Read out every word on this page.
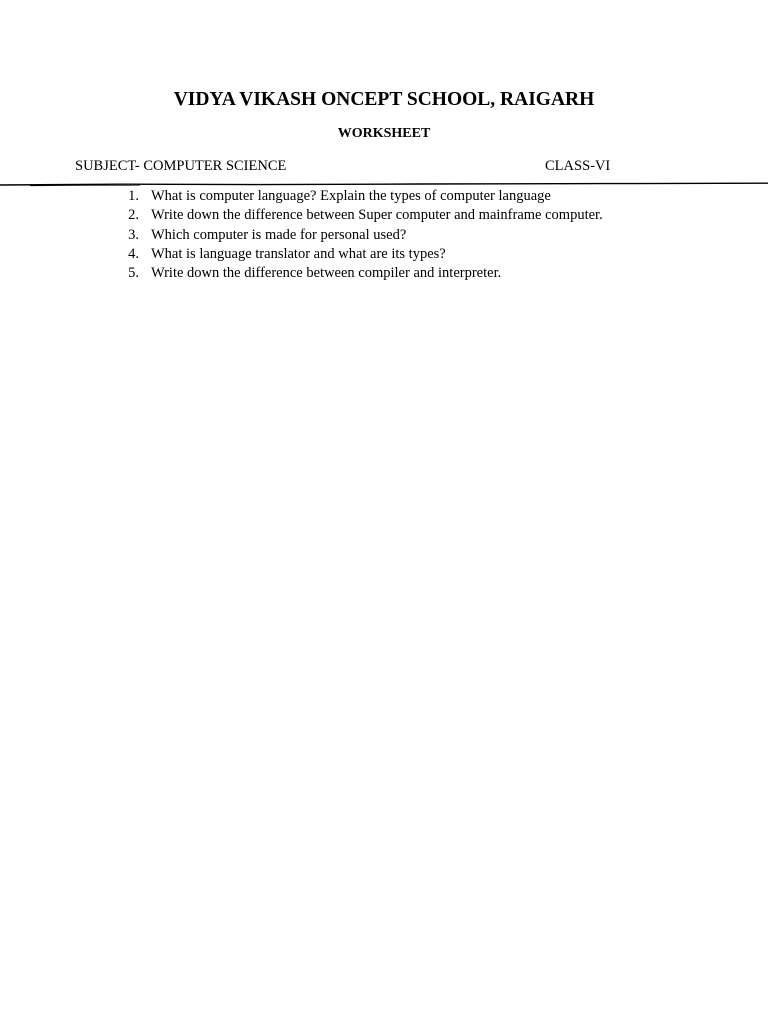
VIDYA VIKASH ONCEPT SCHOOL, RAIGARH
WORKSHEET
SUBJECT- COMPUTER SCIENCE	CLASS-VI
1. What is computer language? Explain the types of computer language
2. Write down the difference between Super computer and mainframe computer.
3. Which computer is made for personal used?
4. What is language translator and what are its types?
5. Write down the difference between compiler and interpreter.
